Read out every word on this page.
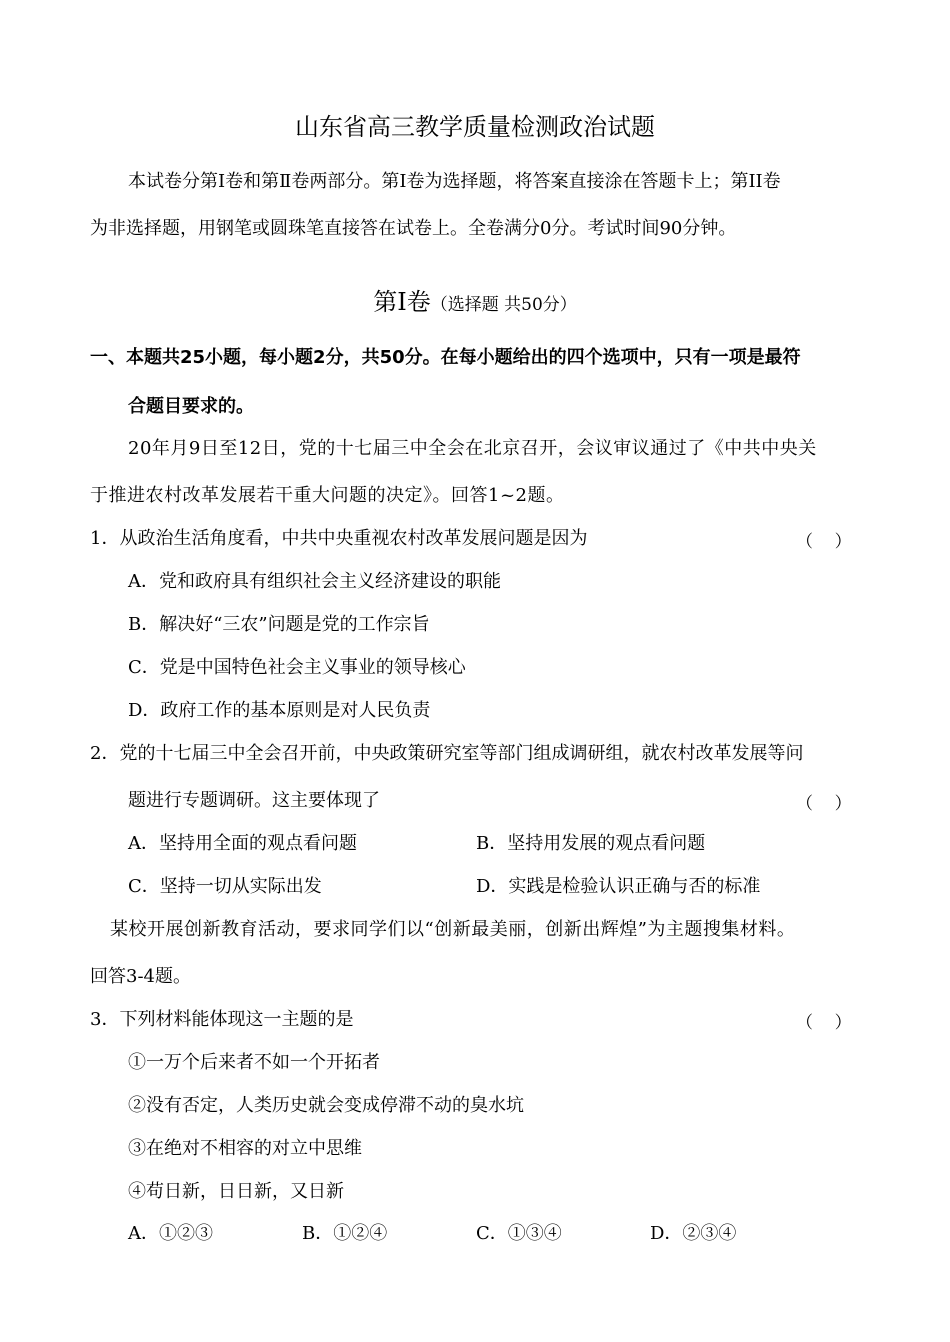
山东省高三教学质量检测政治试题
本试卷分第Ⅰ卷和第Ⅱ卷两部分。第I卷为选择题，将答案直接涂在答题卡上；第II卷
为非选择题，用钢笔或圆珠笔直接答在试卷上。全卷满分0分。考试时间90分钟。
第Ⅰ卷（选择题 共50分）
一、本题共25小题，每小题2分，共50分。在每小题给出的四个选项中，只有一项是最符
合题目要求的。
20年月9日至12日，党的十七届三中全会在北京召开，会议审议通过了《中共中央关
于推进农村改革发展若干重大问题的决定》。回答1~2题。
1．从政治生活角度看，中共中央重视农村改革发展问题是因为	（    ）
A．党和政府具有组织社会主义经济建设的职能
B．解决好“三农”问题是党的工作宗旨
C．党是中国特色社会主义事业的领导核心
D．政府工作的基本原则是对人民负责
2．党的十七届三中全会召开前，中央政策研究室等部门组成调研组，就农村改革发展等问
题进行专题调研。这主要体现了	（    ）
A．坚持用全面的观点看问题	B．坚持用发展的观点看问题
C．坚持一切从实际出发	D．实践是检验认识正确与否的标准
某校开展创新教育活动，要求同学们以“创新最美丽，创新出辉煌”为主题搜集材料。
回答3-4题。
3．下列材料能体现这一主题的是	（    ）
①一万个后来者不如一个开拓者
②没有否定，人类历史就会变成停滞不动的臭水坑
③在绝对不相容的对立中思维
④苟日新，日日新，又日新
A．①②③	B．①②④	C．①③④	D．②③④
